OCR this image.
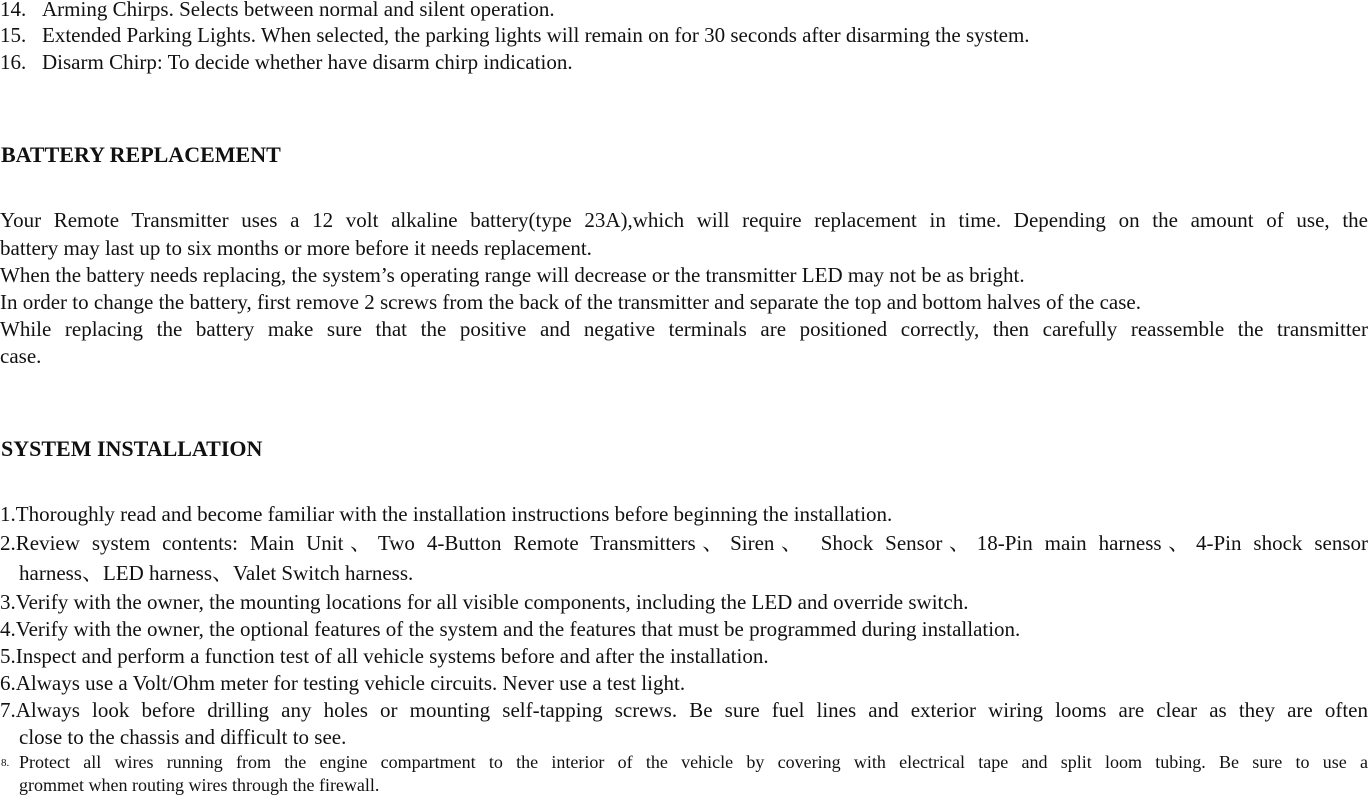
14. Arming Chirps. Selects between normal and silent operation.

15. Extended Parking Lights. When selected, the parking lights will remain on for 30 seconds after disarming the system.

16. Disarm Chirp: To decide whether have disarm chirp indication.

BATTERY REPLACEMENT

Your Remote Transmitter uses a 12 volt alkaline battery(type 23A),which will require replacement in time. Depending on the amount of use, the

battery may last up to six months or more before it needs replacement.

When the battery needs replacing, the system’s operating range will decrease or the transmitter LED may not be as bright.

In order to change the battery, first remove 2 screws from the back of the transmitter and separate the top and bottom halves of the case.

While replacing the battery make sure that the positive and negative terminals are positioned correctly, then carefully reassemble the transmitter

case.

SYSTEM INSTALLATION

1.Thoroughly read and become familiar with the installation instructions before beginning the installation.

2.Review system contents: Main Unit、Two 4-Button Remote Transmitters、Siren、 Shock Sensor、18-Pin main harness、4-Pin shock sensor

harness、LED harness、Valet Switch harness.

3.Verify with the owner, the mounting locations for all visible components, including the LED and override switch.

4.Verify with the owner, the optional features of the system and the features that must be programmed during installation.

5.Inspect and perform a function test of all vehicle systems before and after the installation.

6.Always use a Volt/Ohm meter for testing vehicle circuits. Never use a test light.

7.Always look before drilling any holes or mounting self-tapping screws. Be sure fuel lines and exterior wiring looms are clear as they are often

close to the chassis and difficult to see.

8. Protect all wires running from the engine compartment to the interior of the vehicle by covering with electrical tape and split loom tubing. Be sure to use a

grommet when routing wires through the firewall.
